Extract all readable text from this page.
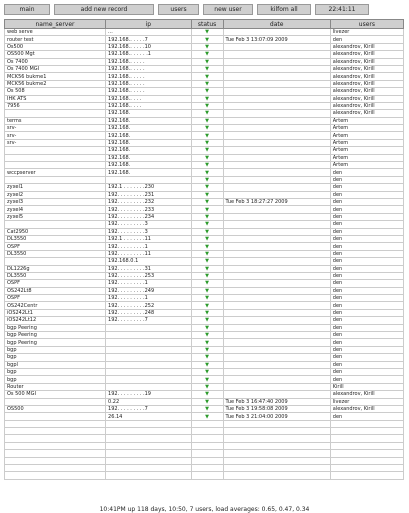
main	add new record	users	new user	kilfom all	22:41:11
name_server	ip	status	date	users
web serve	...	▼		livezer
router test	192.168.. . . . .7	▼	Tue Feb 3 13:07:09 2009	den
Os500	192.168.. . . . .10	▼		alexandrov, Kirill
OS500 Mgt	192.168.. . . . . .1	▼		alexandrov, Kirill
Os 7400	192.168.. . . . .	▼		alexandrov, Kirill
Os 7400 MGI	192.168.. . . . .	▼		alexandrov, Kirill
MCK56 bukme1	192.168.. . . . .	▼		alexandrov, Kirill
MCK56 bukme2	192.168.. . . . .	▼		alexandrov, Kirill
Os 508	192.168.. . . . .	▼		alexandrov, Kirill
IHK ATS	192.168.. . . .	▼		alexandrov, Kirill
7956	192.168.. . . .	▼		alexandrov, Kirill
	192.168.	▼		alexandrov, Kirill
terms	192.168.	▼		Artem
srv-	192.168.	▼		Artem
srv-	192.168.	▼		Artem
srv-	192.168.	▼		Artem
	192.168.	▼		Artem
	192.168.	▼		Artem
	192.168.	▼		Artem
wccpserver	192.168.	▼		den
		▼		den
zyxel1	192.1 . . . . . . .230	▼		den
zyxel2	192. . . . . . . . .231	▼		den
zyxel3	192. . . . . . . . .232	▼	Tue Feb 3 18:27:27 2009	den
zyxel4	192. . . . . . . . .233	▼		den
zyxel5	192. . . . . . . . .234	▼		den
	192. . . . . . . . .3	▼		den
Cat2950	192. . . . . . . . .3	▼		den
DL3550	192.1 . . . . . . .11	▼		den
OSPF	192. . . . . . . . .1	▼		den
DL3550	192. . . . . . . . .11	▼		den
	192.168.0.1	▼		den
DL1226g	192. . . . . . . . .31	▼		den
DL3550	192. . . . . . . . .253	▼		den
OSPF	192. . . . . . . . .1	▼		den
OS242Lt8	192. . . . . . . . .249	▼		den
OSPF	192. . . . . . . . .1	▼		den
OS242Centr	192. . . . . . . . .252	▼		den
iOS242Lt1	192. . . . . . . . .248	▼		den
iOS242Lt12	192. . . . . . . . .7	▼		den
bgp Peering		▼		den
bgp Peering		▼		den
bgp Peering		▼		den
bgp		▼		den
bgp		▼		den
bgpl		▼		den
bgp		▼		den
bgp		▼		den
Router		▼		Kirill
Os 500 MGI	192. . . . . . . . .19	▼		alexandrov, Kirill
	0.22	▼	Tue Feb 3 16:47:40 2009	livezer
OS500	192. . . . . . . . .7	▼	Tue Feb 3 19:58:08 2009	alexandrov, Kirill
	26.14	▼	Tue Feb 3 21:04:00 2009	den

10:41PM up 118 days, 10:50, 7 users, load averages: 0.65, 0.47, 0.34
